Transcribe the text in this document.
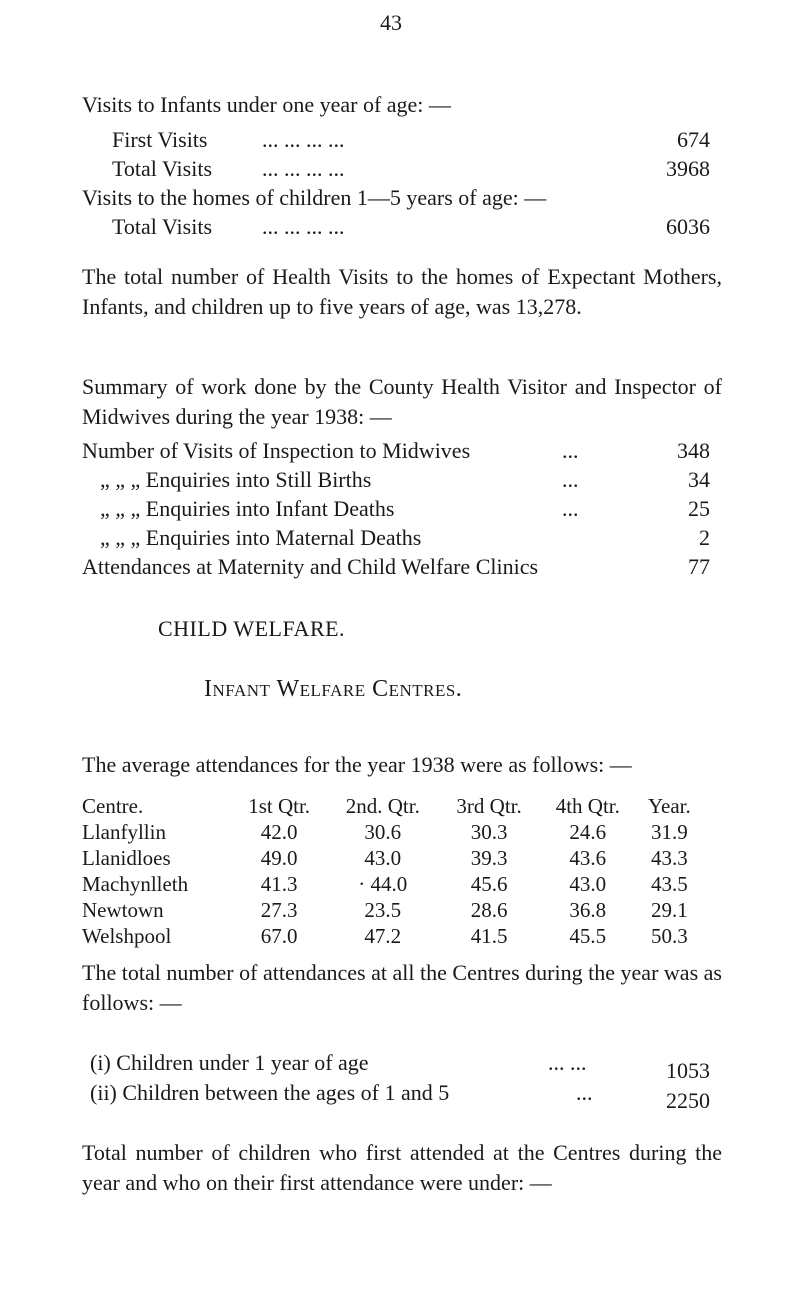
43
Visits to Infants under one year of age: —
First Visits ... ... ... ...	674
Total Visits ... ... ... ...	3968
Visits to the homes of children 1—5 years of age: —
Total Visits ... ... ... ...	6036
The total number of Health Visits to the homes of Expectant Mothers, Infants, and children up to five years of age, was 13,278.
Summary of work done by the County Health Visitor and Inspector of Midwives during the year 1938: —
Number of Visits of Inspection to Midwives	...	348
„ „ „ Enquiries into Still Births	...	34
„ „ „ Enquiries into Infant Deaths	...	25
„ „ „ Enquiries into Maternal Deaths	2
Attendances at Maternity and Child Welfare Clinics	77
CHILD WELFARE.
Infant Welfare Centres.
The average attendances for the year 1938 were as follows: —
Centre.	1st Qtr.	2nd. Qtr.	3rd Qtr.	4th Qtr.	Year.
Llanfyllin	42.0	30.6	30.3	24.6	31.9
Llanidloes	49.0	43.0	39.3	43.6	43.3
Machynlleth	41.3	· 44.0	45.6	43.0	43.5
Newtown	27.3	23.5	28.6	36.8	29.1
Welshpool	67.0	47.2	41.5	45.5	50.3
The total number of attendances at all the Centres during the year was as follows: —
(i) Children under 1 year of age	... ...	1053
(ii) Children between the ages of 1 and 5	...	2250
Total number of children who first attended at the Centres during the year and who on their first attendance were under: —
